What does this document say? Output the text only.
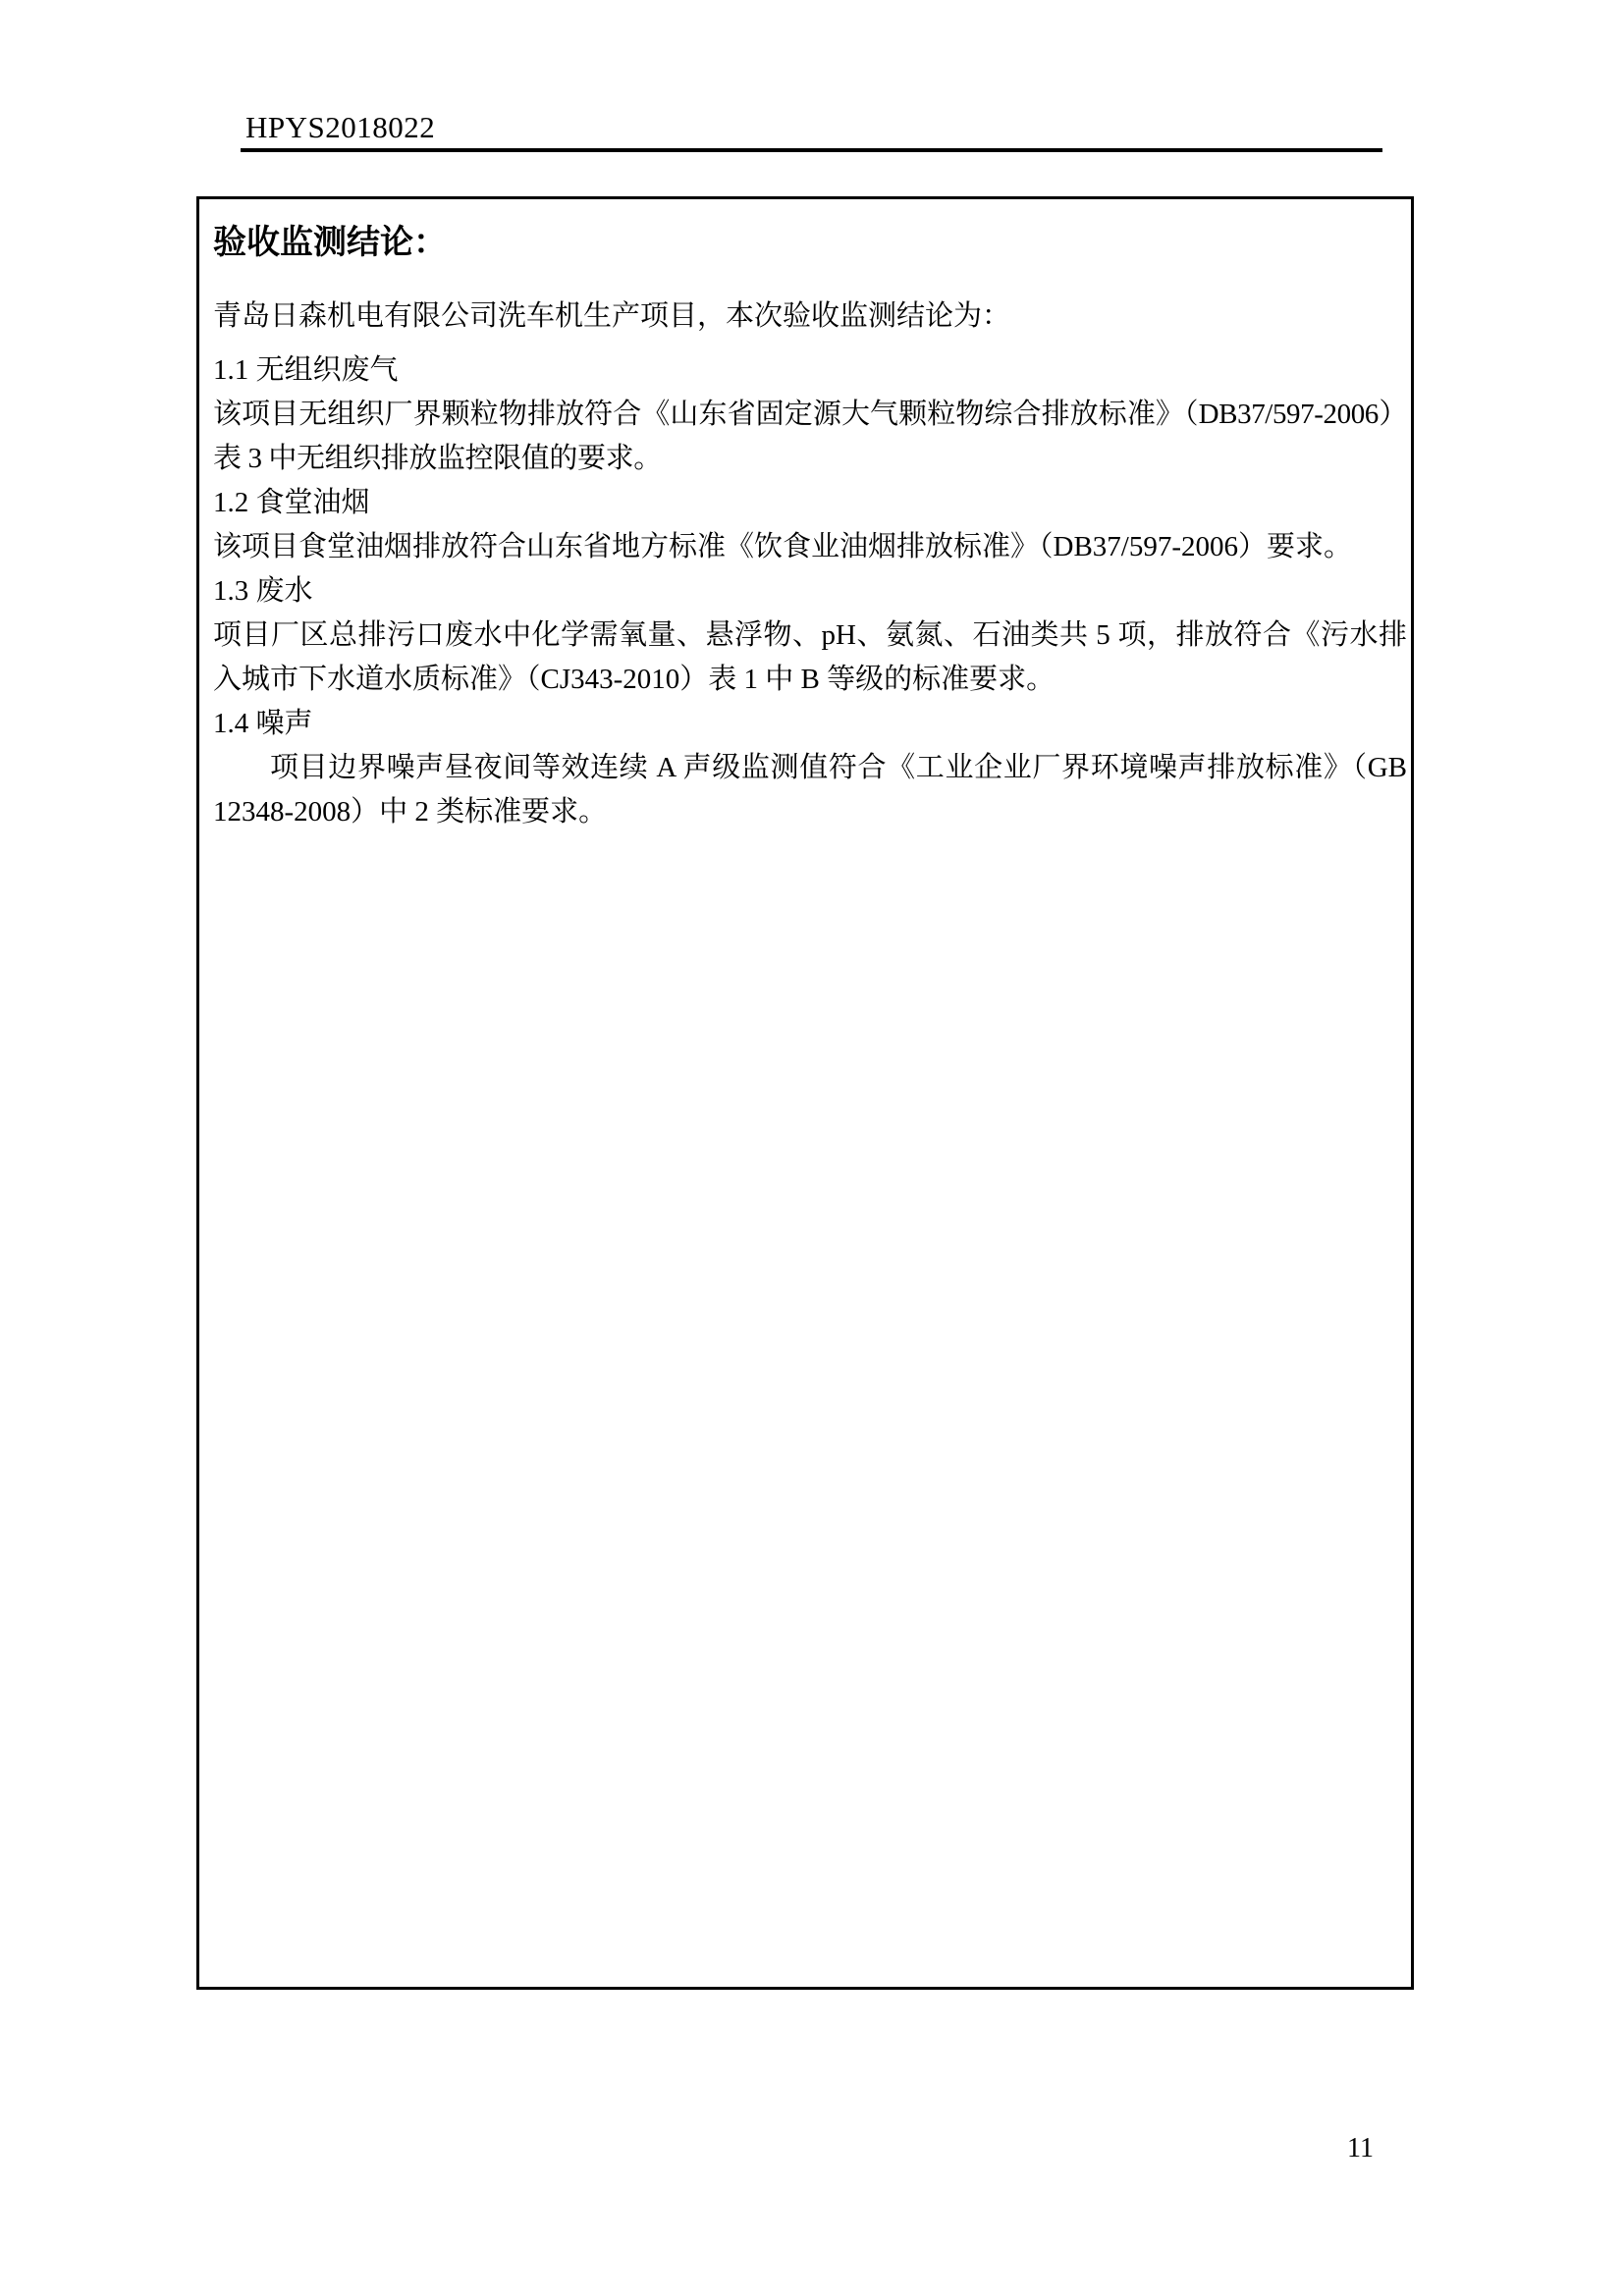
HPYS2018022
验收监测结论：

青岛日森机电有限公司洗车机生产项目，本次验收监测结论为：

1.1 无组织废气

该项目无组织厂界颗粒物排放符合《山东省固定源大气颗粒物综合排放标准》（DB37/597-2006）表 3 中无组织排放监控限值的要求。

1.2 食堂油烟

该项目食堂油烟排放符合山东省地方标准《饮食业油烟排放标准》（DB37/597-2006）要求。

1.3 废水

项目厂区总排污口废水中化学需氧量、悬浮物、pH、氨氮、石油类共 5 项，排放符合《污水排入城市下水道水质标准》（CJ343-2010）表 1 中 B 等级的标准要求。

1.4 噪声

项目边界噪声昼夜间等效连续 A 声级监测值符合《工业企业厂界环境噪声排放标准》（GB 12348-2008）中 2 类标准要求。

11
